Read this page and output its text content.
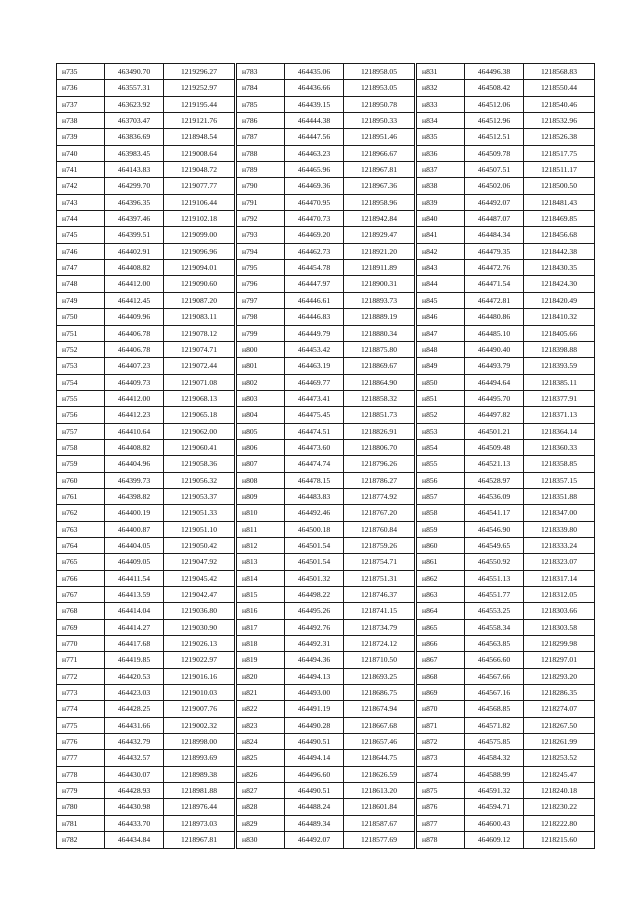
н735	463490.70	1219296.27
н736	463557.31	1219252.97
н737	463623.92	1219195.44
н738	463703.47	1219121.76
н739	463836.69	1218948.54
н740	463983.45	1219008.64
н741	464143.83	1219048.72
н742	464299.70	1219077.77
н743	464396.35	1219106.44
н744	464397.46	1219102.18
н745	464399.51	1219099.00
н746	464402.91	1219096.96
н747	464408.82	1219094.01
н748	464412.00	1219090.60
н749	464412.45	1219087.20
н750	464409.96	1219083.11
н751	464406.78	1219078.12
н752	464406.78	1219074.71
н753	464407.23	1219072.44
н754	464409.73	1219071.08
н755	464412.00	1219068.13
н756	464412.23	1219065.18
н757	464410.64	1219062.00
н758	464408.82	1219060.41
н759	464404.96	1219058.36
н760	464399.73	1219056.32
н761	464398.82	1219053.37
н762	464400.19	1219051.33
н763	464400.87	1219051.10
н764	464404.05	1219050.42
н765	464409.05	1219047.92
н766	464411.54	1219045.42
н767	464413.59	1219042.47
н768	464414.04	1219036.80
н769	464414.27	1219030.90
н770	464417.68	1219026.13
н771	464419.85	1219022.97
н772	464420.53	1219016.16
н773	464423.03	1219010.03
н774	464428.25	1219007.76
н775	464431.66	1219002.32
н776	464432.79	1218998.00
н777	464432.57	1218993.69
н778	464430.07	1218989.38
н779	464428.93	1218981.88
н780	464430.98	1218976.44
н781	464433.70	1218973.03
н782	464434.84	1218967.81
н783	464435.06	1218958.05
н784	464436.66	1218953.05
н785	464439.15	1218950.78
н786	464444.38	1218950.33
н787	464447.56	1218951.46
н788	464463.23	1218966.67
н789	464465.96	1218967.81
н790	464469.36	1218967.36
н791	464470.95	1218958.96
н792	464470.73	1218942.84
н793	464469.20	1218929.47
н794	464462.73	1218921.20
н795	464454.78	1218911.89
н796	464447.97	1218900.31
н797	464446.61	1218893.73
н798	464446.83	1218889.19
н799	464449.79	1218880.34
н800	464453.42	1218875.80
н801	464463.19	1218869.67
н802	464469.77	1218864.90
н803	464473.41	1218858.32
н804	464475.45	1218851.73
н805	464474.51	1218826.91
н806	464473.60	1218806.70
н807	464474.74	1218796.26
н808	464478.15	1218786.27
н809	464483.83	1218774.92
н810	464492.46	1218767.20
н811	464500.18	1218760.84
н812	464501.54	1218759.26
н813	464501.54	1218754.71
н814	464501.32	1218751.31
н815	464498.22	1218746.37
н816	464495.26	1218741.15
н817	464492.76	1218734.79
н818	464492.31	1218724.12
н819	464494.36	1218710.50
н820	464494.13	1218693.25
н821	464493.00	1218686.75
н822	464491.19	1218674.94
н823	464490.28	1218667.68
н824	464490.51	1218657.46
н825	464494.14	1218644.75
н826	464496.60	1218626.59
н827	464490.51	1218613.20
н828	464488.24	1218601.84
н829	464489.34	1218587.67
н830	464492.07	1218577.69
н831	464496.38	1218568.83
н832	464508.42	1218550.44
н833	464512.06	1218540.46
н834	464512.96	1218532.96
н835	464512.51	1218526.38
н836	464509.78	1218517.75
н837	464507.51	1218511.17
н838	464502.06	1218500.50
н839	464492.07	1218481.43
н840	464487.07	1218469.85
н841	464484.34	1218456.68
н842	464479.35	1218442.38
н843	464472.76	1218430.35
н844	464471.54	1218424.30
н845	464472.81	1218420.49
н846	464480.86	1218410.32
н847	464485.10	1218405.66
н848	464490.40	1218398.88
н849	464493.79	1218393.59
н850	464494.64	1218385.11
н851	464495.70	1218377.91
н852	464497.82	1218371.13
н853	464501.21	1218364.14
н854	464509.48	1218360.33
н855	464521.13	1218358.85
н856	464528.97	1218357.15
н857	464536.09	1218351.88
н858	464541.17	1218347.00
н859	464546.90	1218339.80
н860	464549.65	1218333.24
н861	464550.92	1218323.07
н862	464551.13	1218317.14
н863	464551.77	1218312.05
н864	464553.25	1218303.66
н865	464558.34	1218303.58
н866	464563.85	1218299.98
н867	464566.60	1218297.01
н868	464567.66	1218293.20
н869	464567.16	1218286.35
н870	464568.85	1218274.07
н871	464571.82	1218267.50
н872	464575.85	1218261.99
н873	464584.32	1218253.52
н874	464588.99	1218245.47
н875	464591.32	1218240.18
н876	464594.71	1218230.22
н877	464600.43	1218222.80
н878	464609.12	1218215.60
